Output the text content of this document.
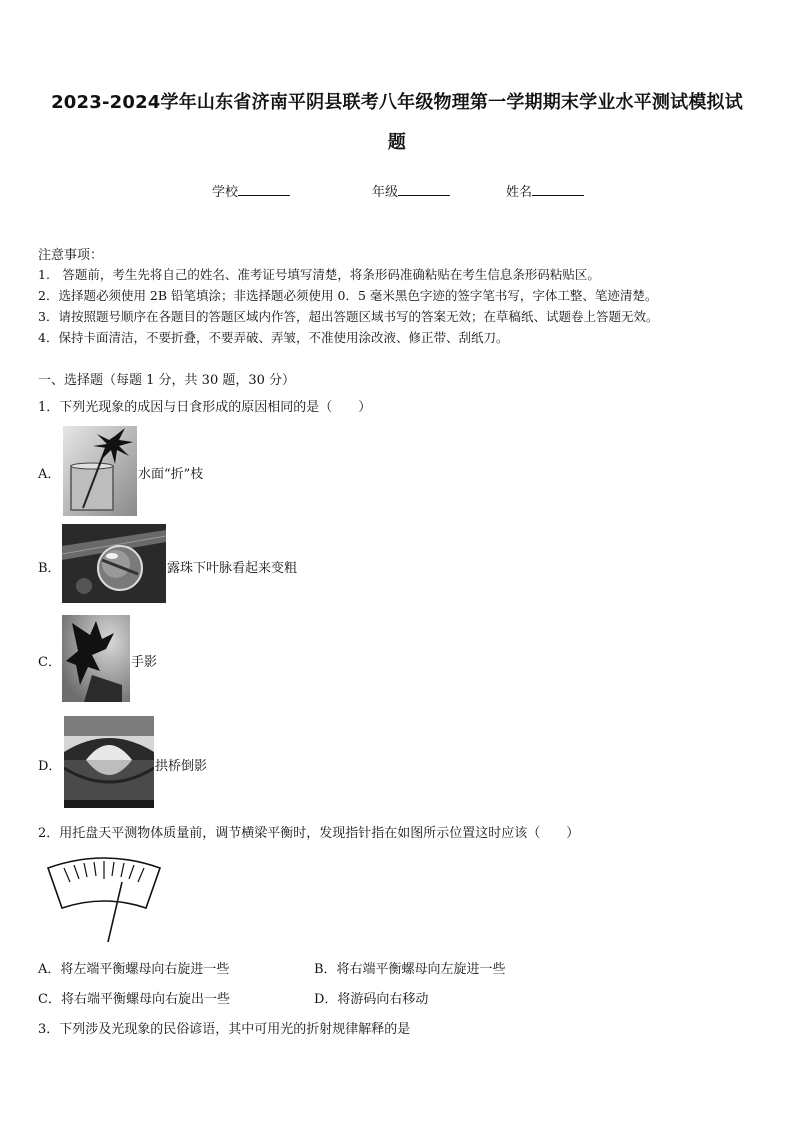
2023-2024学年山东省济南平阴县联考八年级物理第一学期期末学业水平测试模拟试
题
学校	年级	姓名
注意事项：
1.　答题前，考生先将自己的姓名、准考证号填写清楚，将条形码准确粘贴在考生信息条形码粘贴区。
2．选择题必须使用 2B 铅笔填涂；非选择题必须使用 0．5 毫米黑色字迹的签字笔书写，字体工整、笔迹清楚。
3．请按照题号顺序在各题目的答题区域内作答，超出答题区域书写的答案无效；在草稿纸、试题卷上答题无效。
4．保持卡面清洁，不要折叠，不要弄破、弄皱，不准使用涂改液、修正带、刮纸刀。
一、选择题（每题 1 分，共 30 题，30 分）
1．下列光现象的成因与日食形成的原因相同的是（　　）
A．	水面“折”枝
B．	露珠下叶脉看起来变粗
C．	手影
D．	拱桥倒影
2．用托盘天平测物体质量前，调节横梁平衡时，发现指针指在如图所示位置这时应该（　　）
A．将左端平衡螺母向右旋进一些	B．将右端平衡螺母向左旋进一些
C．将右端平衡螺母向右旋出一些	D．将游码向右移动
3．下列涉及光现象的民俗谚语，其中可用光的折射规律解释的是
